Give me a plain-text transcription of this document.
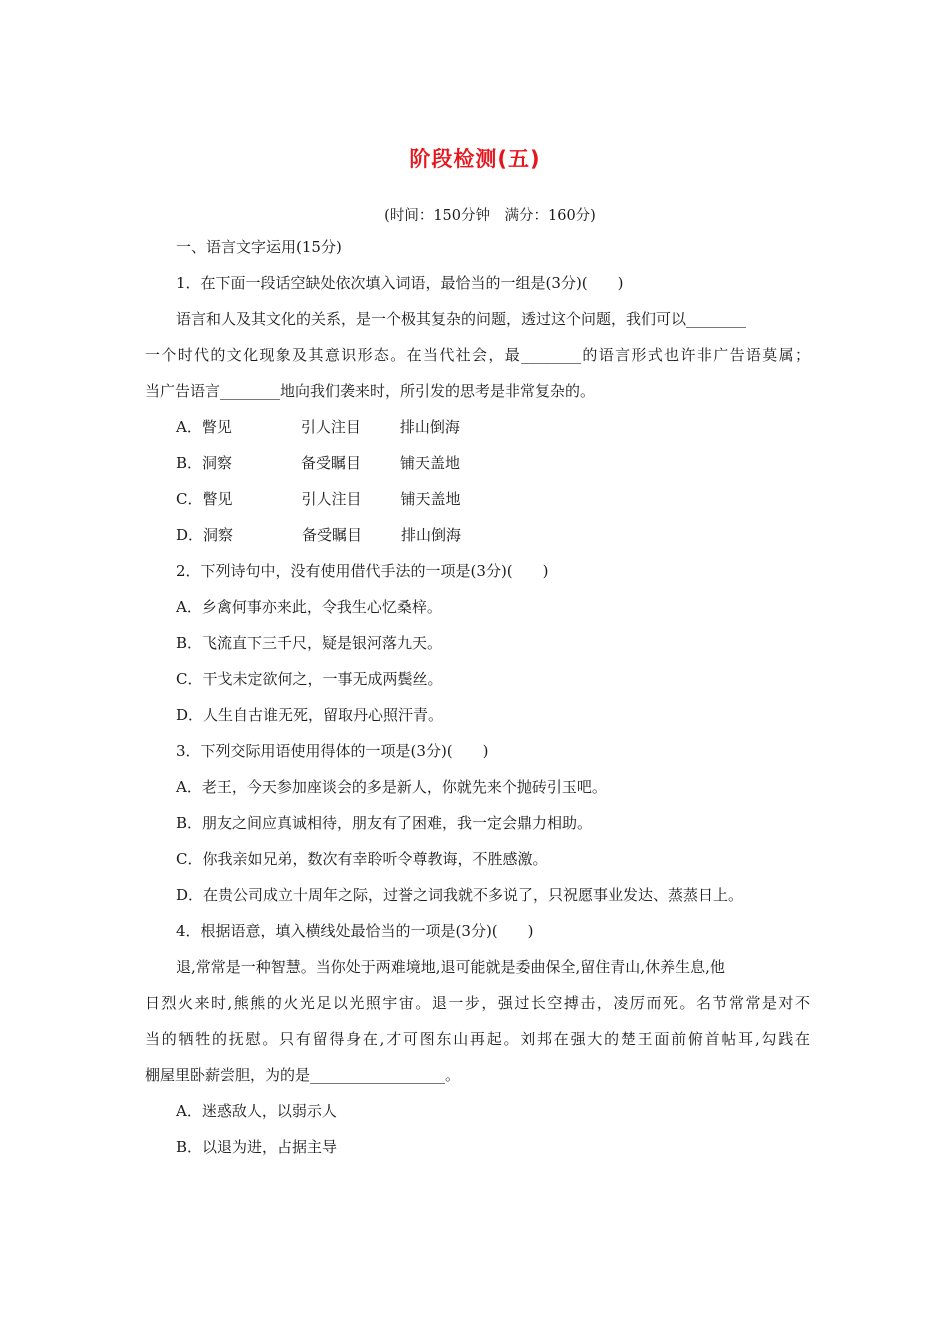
阶段检测(五)
(时间：150分钟　满分：160分)
一、语言文字运用(15分)
1．在下面一段话空缺处依次填入词语，最恰当的一组是(3分)(　　)
语言和人及其文化的关系，是一个极其复杂的问题，透过这个问题，我们可以________
一个时代的文化现象及其意识形态。在当代社会，最________的语言形式也许非广告语莫属；
当广告语言________地向我们袭来时，所引发的思考是非常复杂的。
A．瞥见	引人注目	排山倒海
B．洞察	备受瞩目	铺天盖地
C．瞥见	引人注目	铺天盖地
D．洞察	备受瞩目	排山倒海
2．下列诗句中，没有使用借代手法的一项是(3分)(　　)
A．乡禽何事亦来此，令我生心忆桑梓。
B．飞流直下三千尺，疑是银河落九天。
C．干戈未定欲何之，一事无成两鬓丝。
D．人生自古谁无死，留取丹心照汗青。
3．下列交际用语使用得体的一项是(3分)(　　)
A．老王，今天参加座谈会的多是新人，你就先来个抛砖引玉吧。
B．朋友之间应真诚相待，朋友有了困难，我一定会鼎力相助。
C．你我亲如兄弟，数次有幸聆听令尊教诲，不胜感激。
D．在贵公司成立十周年之际，过誉之词我就不多说了，只祝愿事业发达、蒸蒸日上。
4．根据语意，填入横线处最恰当的一项是(3分)(　　)
退,常常是一种智慧。当你处于两难境地,退可能就是委曲保全,留住青山,休养生息,他
日烈火来时,熊熊的火光足以光照宇宙。退一步，强过长空搏击，凌厉而死。名节常常是对不
当的牺牲的抚慰。只有留得身在,才可图东山再起。刘邦在强大的楚王面前俯首帖耳,勾践在
棚屋里卧薪尝胆，为的是__________________。
A．迷惑敌人，以弱示人
B．以退为进，占据主导
